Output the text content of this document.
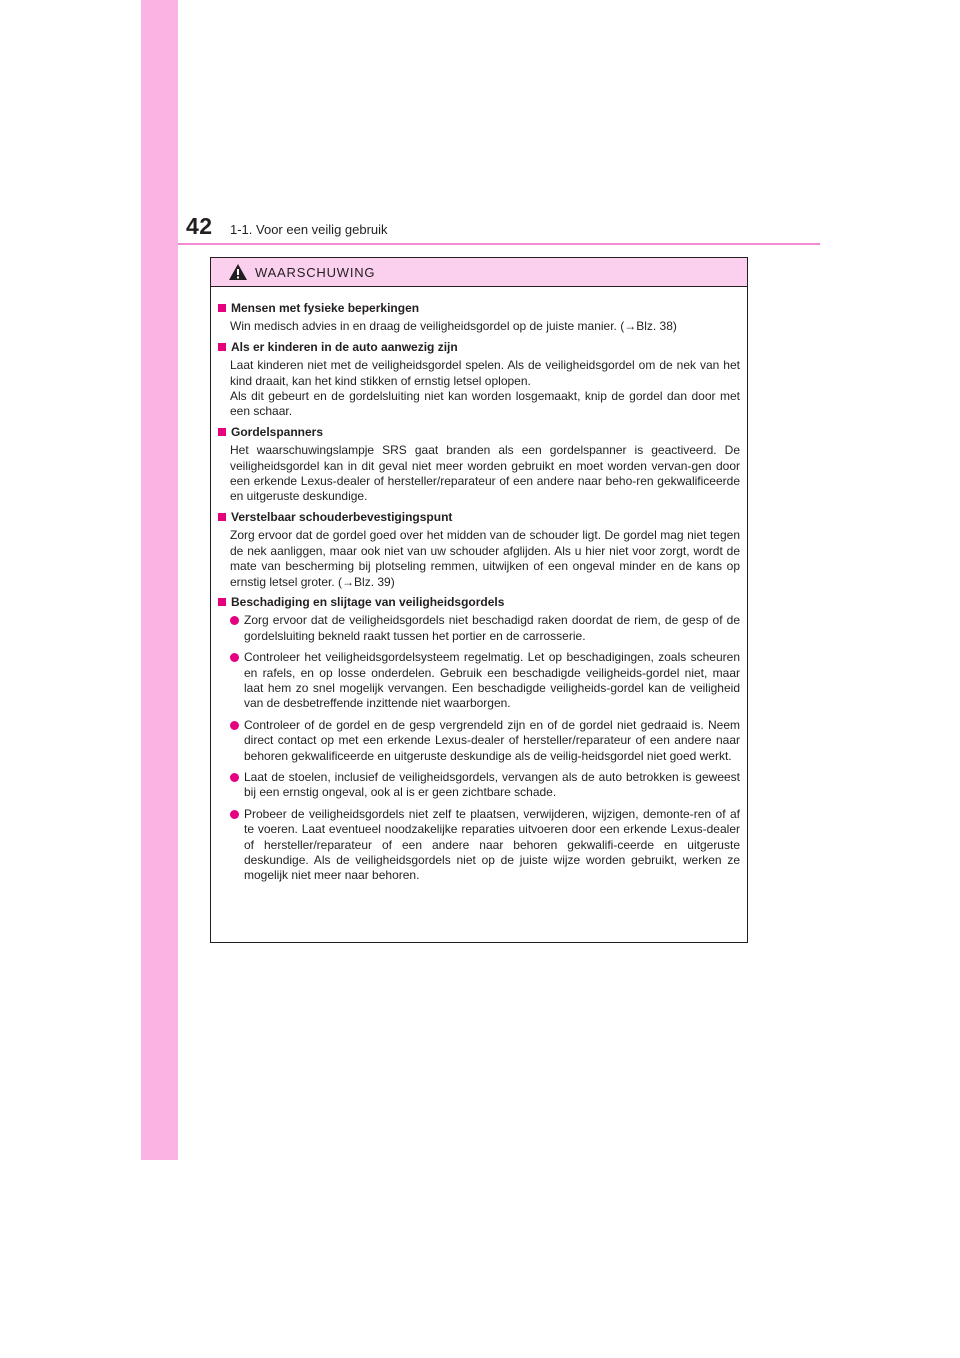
42 1-1. Voor een veilig gebruik
WAARSCHUWING
Mensen met fysieke beperkingen
Win medisch advies in en draag de veiligheidsgordel op de juiste manier. (→Blz. 38)
Als er kinderen in de auto aanwezig zijn
Laat kinderen niet met de veiligheidsgordel spelen. Als de veiligheidsgordel om de nek van het kind draait, kan het kind stikken of ernstig letsel oplopen.
Als dit gebeurt en de gordelsluiting niet kan worden losgemaakt, knip de gordel dan door met een schaar.
Gordelspanners
Het waarschuwingslampje SRS gaat branden als een gordelspanner is geactiveerd. De veiligheidsgordel kan in dit geval niet meer worden gebruikt en moet worden vervan-gen door een erkende Lexus-dealer of hersteller/reparateur of een andere naar beho-ren gekwalificeerde en uitgeruste deskundige.
Verstelbaar schouderbevestigingspunt
Zorg ervoor dat de gordel goed over het midden van de schouder ligt. De gordel mag niet tegen de nek aanliggen, maar ook niet van uw schouder afglijden. Als u hier niet voor zorgt, wordt de mate van bescherming bij plotseling remmen, uitwijken of een ongeval minder en de kans op ernstig letsel groter. (→Blz. 39)
Beschadiging en slijtage van veiligheidsgordels
Zorg ervoor dat de veiligheidsgordels niet beschadigd raken doordat de riem, de gesp of de gordelsluiting bekneld raakt tussen het portier en de carrosserie.
Controleer het veiligheidsgordelsysteem regelmatig. Let op beschadigingen, zoals scheuren en rafels, en op losse onderdelen. Gebruik een beschadigde veiligheids-gordel niet, maar laat hem zo snel mogelijk vervangen. Een beschadigde veiligheids-gordel kan de veiligheid van de desbetreffende inzittende niet waarborgen.
Controleer of de gordel en de gesp vergrendeld zijn en of de gordel niet gedraaid is. Neem direct contact op met een erkende Lexus-dealer of hersteller/reparateur of een andere naar behoren gekwalificeerde en uitgeruste deskundige als de veilig-heidsgordel niet goed werkt.
Laat de stoelen, inclusief de veiligheidsgordels, vervangen als de auto betrokken is geweest bij een ernstig ongeval, ook al is er geen zichtbare schade.
Probeer de veiligheidsgordels niet zelf te plaatsen, verwijderen, wijzigen, demonte-ren of af te voeren. Laat eventueel noodzakelijke reparaties uitvoeren door een erkende Lexus-dealer of hersteller/reparateur of een andere naar behoren gekwalifi-ceerde en uitgeruste deskundige. Als de veiligheidsgordels niet op de juiste wijze worden gebruikt, werken ze mogelijk niet meer naar behoren.
